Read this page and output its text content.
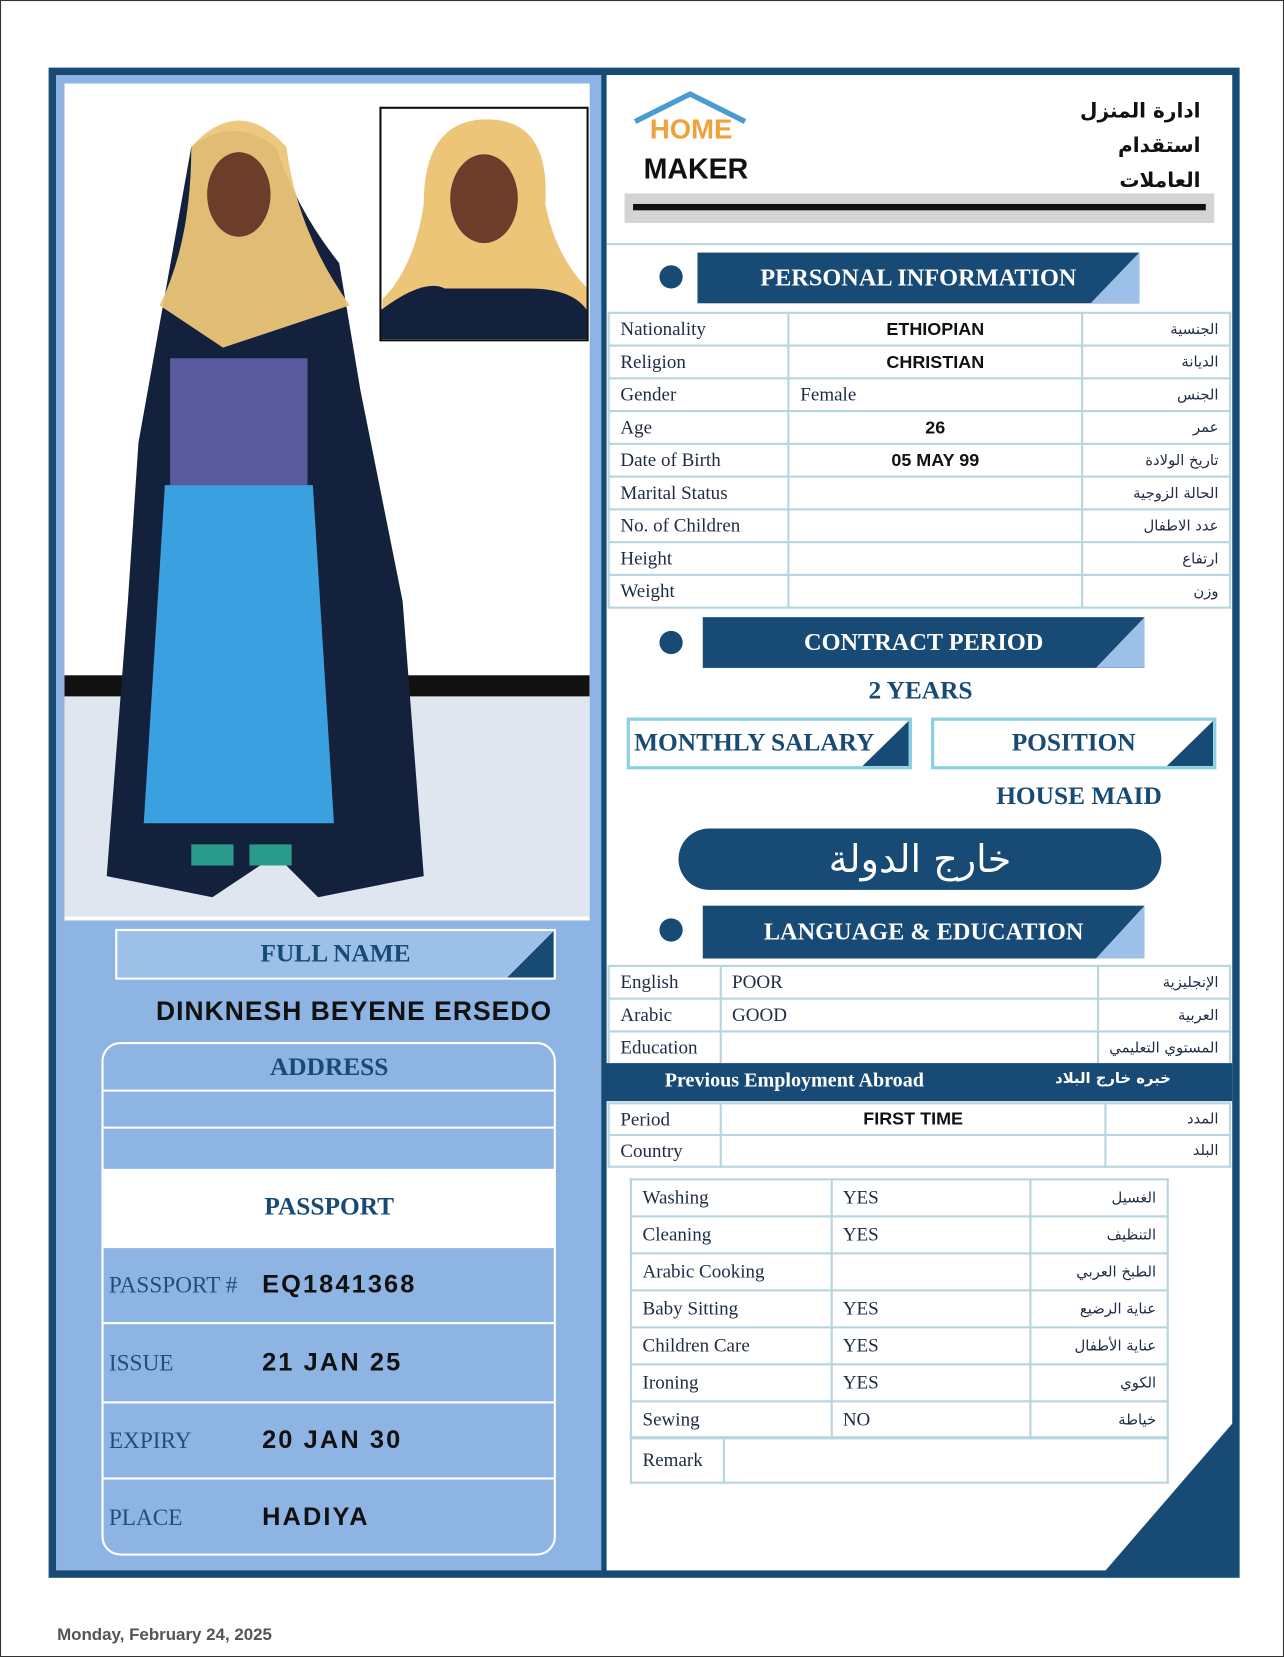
HOME
MAKER
ادارة المنزل
استقدام العاملات
PERSONAL INFORMATION
Nationality	ETHIOPIAN	الجنسية
Religion	CHRISTIAN	الديانة
Gender	Female	الجنس
Age	26	عمر
Date of Birth	05 MAY 99	تاريخ الولادة
Marital Status		الحالة الزوجية
No. of Children		عدد الاطفال
Height		ارتفاع
Weight		وزن
CONTRACT PERIOD
2 YEARS
MONTHLY SALARY	POSITION
HOUSE MAID
خارج الدولة
LANGUAGE & EDUCATION
English	POOR	الإنجليزية
Arabic	GOOD	العربية
Education		المستوي التعليمي
Previous Employment Abroad	خبره خارج البلاد
Period	FIRST TIME	المدد
Country		البلد
Washing	YES	الغسيل
Cleaning	YES	التنظيف
Arabic Cooking		الطبخ العربي
Baby Sitting	YES	عناية الرضيع
Children Care	YES	عناية الأطفال
Ironing	YES	الكوي
Sewing	NO	خياطة
Remark	
FULL NAME
DINKNESH BEYENE ERSEDO
ADDRESS
PASSPORT
PASSPORT #	EQ1841368
ISSUE	21 JAN 25
EXPIRY	20 JAN 30
PLACE	HADIYA
Monday, February 24, 2025
